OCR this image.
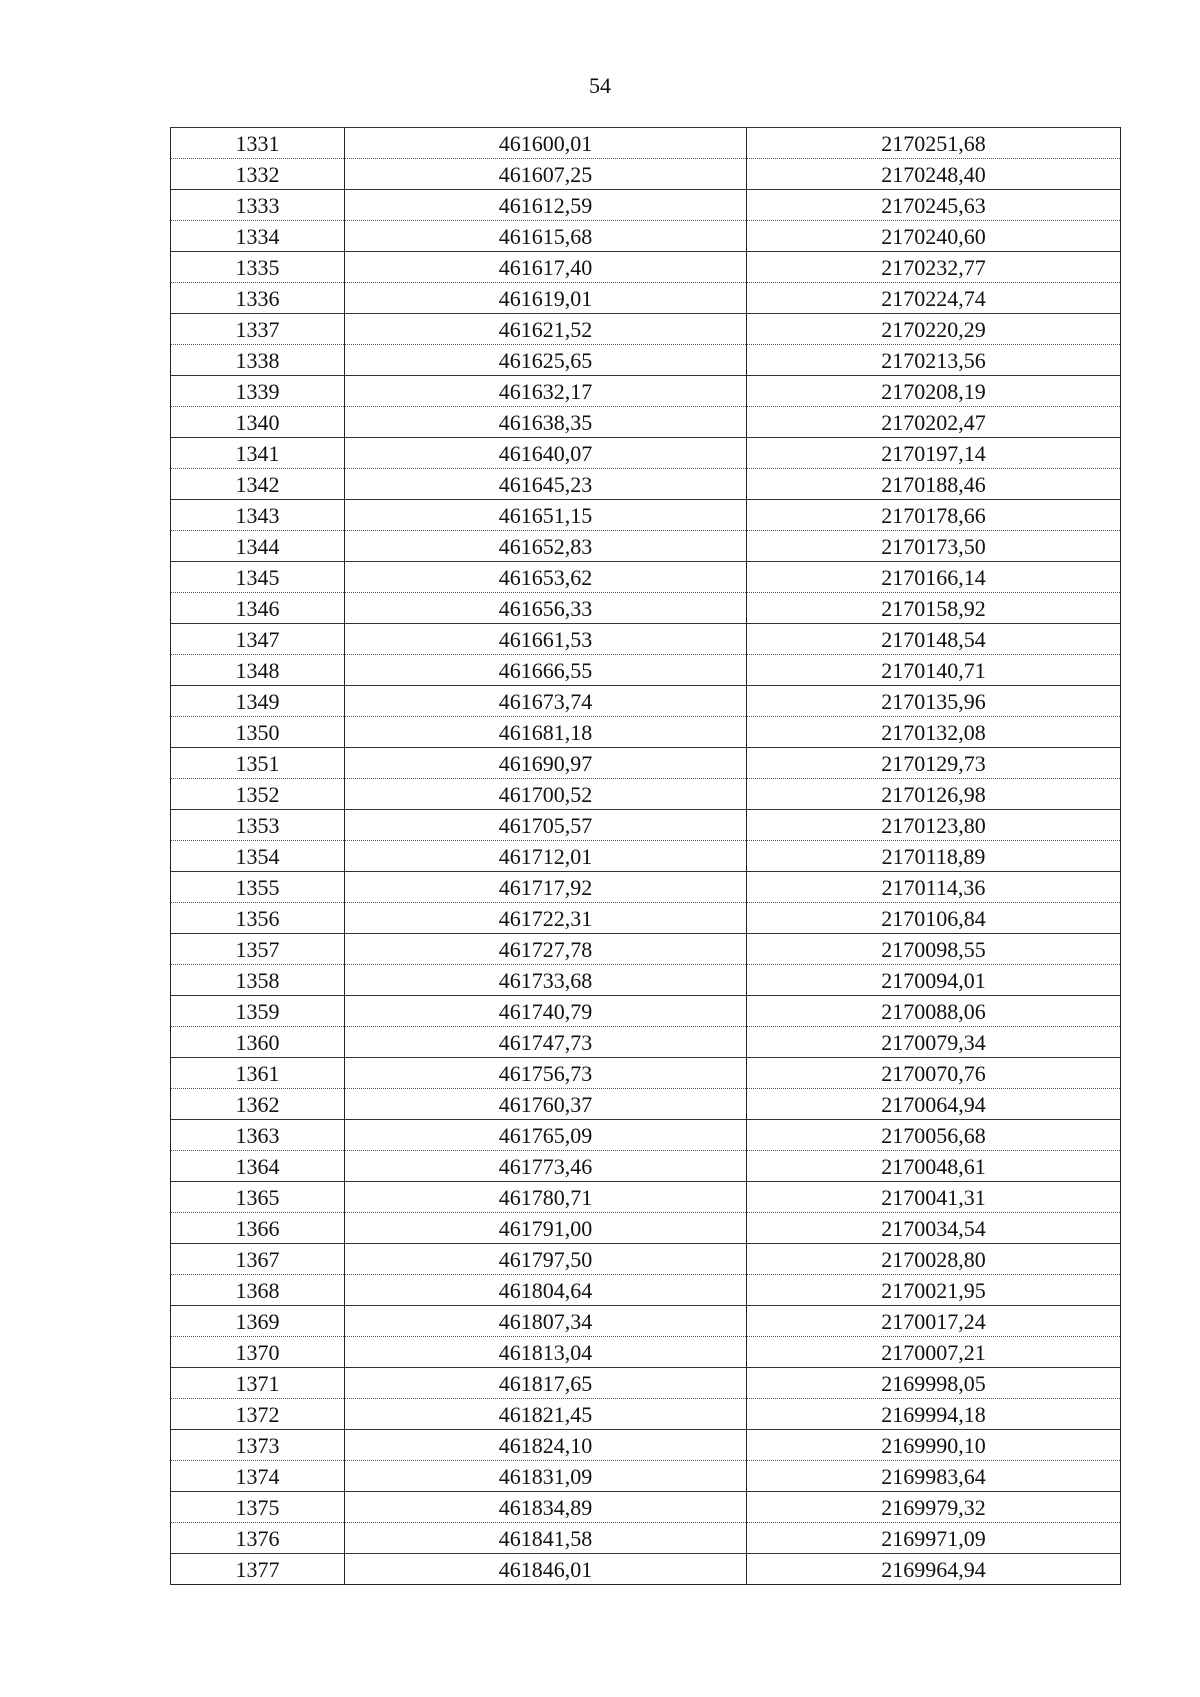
54
1331	461600,01	2170251,68
1332	461607,25	2170248,40
1333	461612,59	2170245,63
1334	461615,68	2170240,60
1335	461617,40	2170232,77
1336	461619,01	2170224,74
1337	461621,52	2170220,29
1338	461625,65	2170213,56
1339	461632,17	2170208,19
1340	461638,35	2170202,47
1341	461640,07	2170197,14
1342	461645,23	2170188,46
1343	461651,15	2170178,66
1344	461652,83	2170173,50
1345	461653,62	2170166,14
1346	461656,33	2170158,92
1347	461661,53	2170148,54
1348	461666,55	2170140,71
1349	461673,74	2170135,96
1350	461681,18	2170132,08
1351	461690,97	2170129,73
1352	461700,52	2170126,98
1353	461705,57	2170123,80
1354	461712,01	2170118,89
1355	461717,92	2170114,36
1356	461722,31	2170106,84
1357	461727,78	2170098,55
1358	461733,68	2170094,01
1359	461740,79	2170088,06
1360	461747,73	2170079,34
1361	461756,73	2170070,76
1362	461760,37	2170064,94
1363	461765,09	2170056,68
1364	461773,46	2170048,61
1365	461780,71	2170041,31
1366	461791,00	2170034,54
1367	461797,50	2170028,80
1368	461804,64	2170021,95
1369	461807,34	2170017,24
1370	461813,04	2170007,21
1371	461817,65	2169998,05
1372	461821,45	2169994,18
1373	461824,10	2169990,10
1374	461831,09	2169983,64
1375	461834,89	2169979,32
1376	461841,58	2169971,09
1377	461846,01	2169964,94
